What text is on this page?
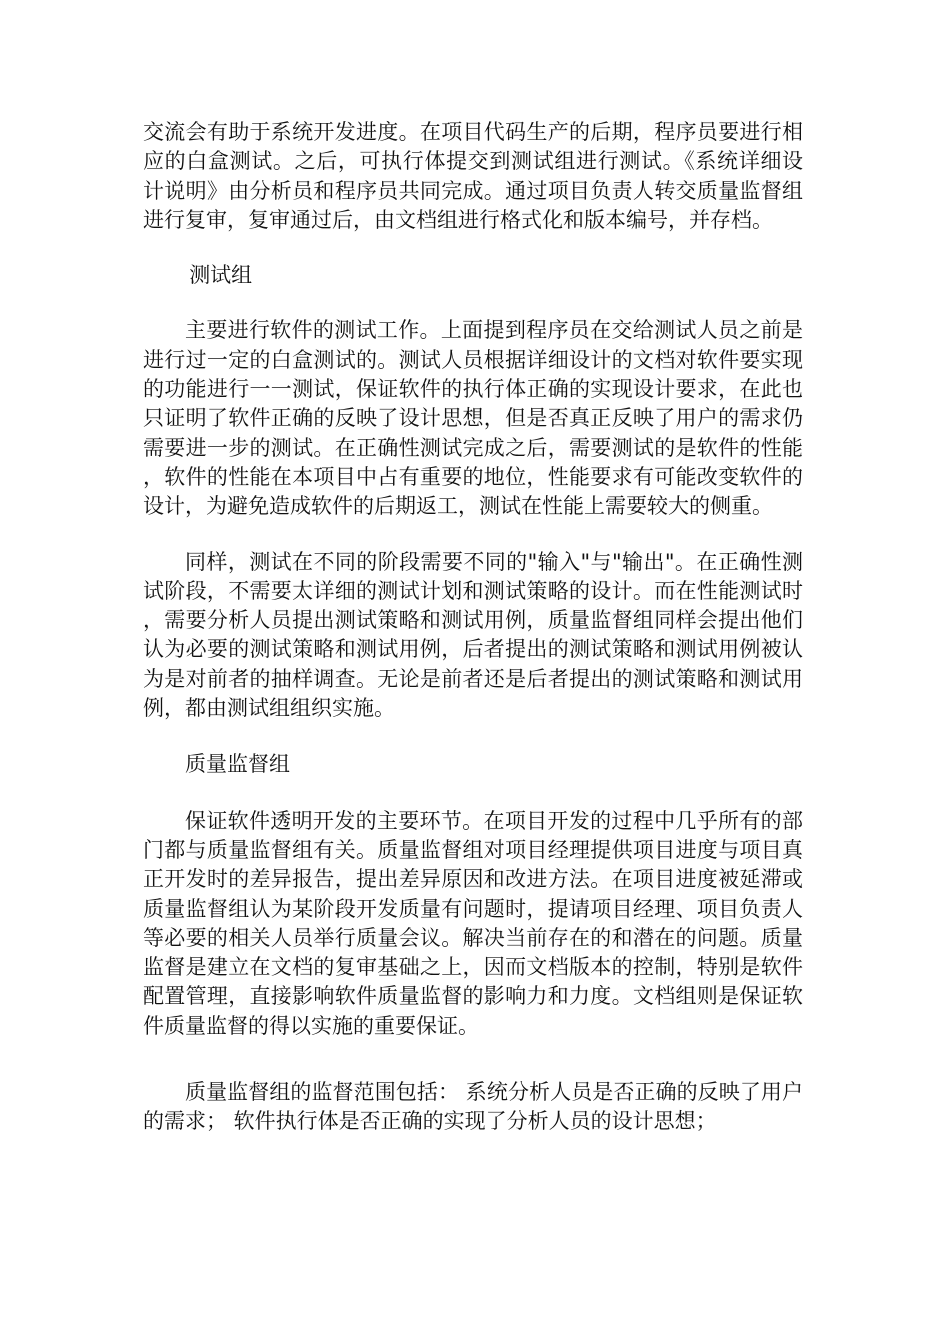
交流会有助于系统开发进度。在项目代码生产的后期，程序员要进行相应的白盒测试。之后，可执行体提交到测试组进行测试。《系统详细设计说明》由分析员和程序员共同完成。通过项目负责人转交质量监督组进行复审，复审通过后，由文档组进行格式化和版本编号，并存档。

测试组

主要进行软件的测试工作。上面提到程序员在交给测试人员之前是进行过一定的白盒测试的。测试人员根据详细设计的文档对软件要实现的功能进行一一测试，保证软件的执行体正确的实现设计要求，在此也只证明了软件正确的反映了设计思想，但是否真正反映了用户的需求仍需要进一步的测试。在正确性测试完成之后，需要测试的是软件的性能，软件的性能在本项目中占有重要的地位，性能要求有可能改变软件的设计，为避免造成软件的后期返工，测试在性能上需要较大的侧重。

同样，测试在不同的阶段需要不同的"输入"与"输出"。在正确性测试阶段，不需要太详细的测试计划和测试策略的设计。而在性能测试时，需要分析人员提出测试策略和测试用例，质量监督组同样会提出他们认为必要的测试策略和测试用例，后者提出的测试策略和测试用例被认为是对前者的抽样调查。无论是前者还是后者提出的测试策略和测试用例，都由测试组组织实施。

质量监督组

保证软件透明开发的主要环节。在项目开发的过程中几乎所有的部门都与质量监督组有关。质量监督组对项目经理提供项目进度与项目真正开发时的差异报告，提出差异原因和改进方法。在项目进度被延滞或质量监督组认为某阶段开发质量有问题时，提请项目经理、项目负责人等必要的相关人员举行质量会议。解决当前存在的和潜在的问题。质量监督是建立在文档的复审基础之上，因而文档版本的控制，特别是软件配置管理，直接影响软件质量监督的影响力和力度。文档组则是保证软件质量监督的得以实施的重要保证。

质量监督组的监督范围包括： 系统分析人员是否正确的反映了用户的需求； 软件执行体是否正确的实现了分析人员的设计思想；
